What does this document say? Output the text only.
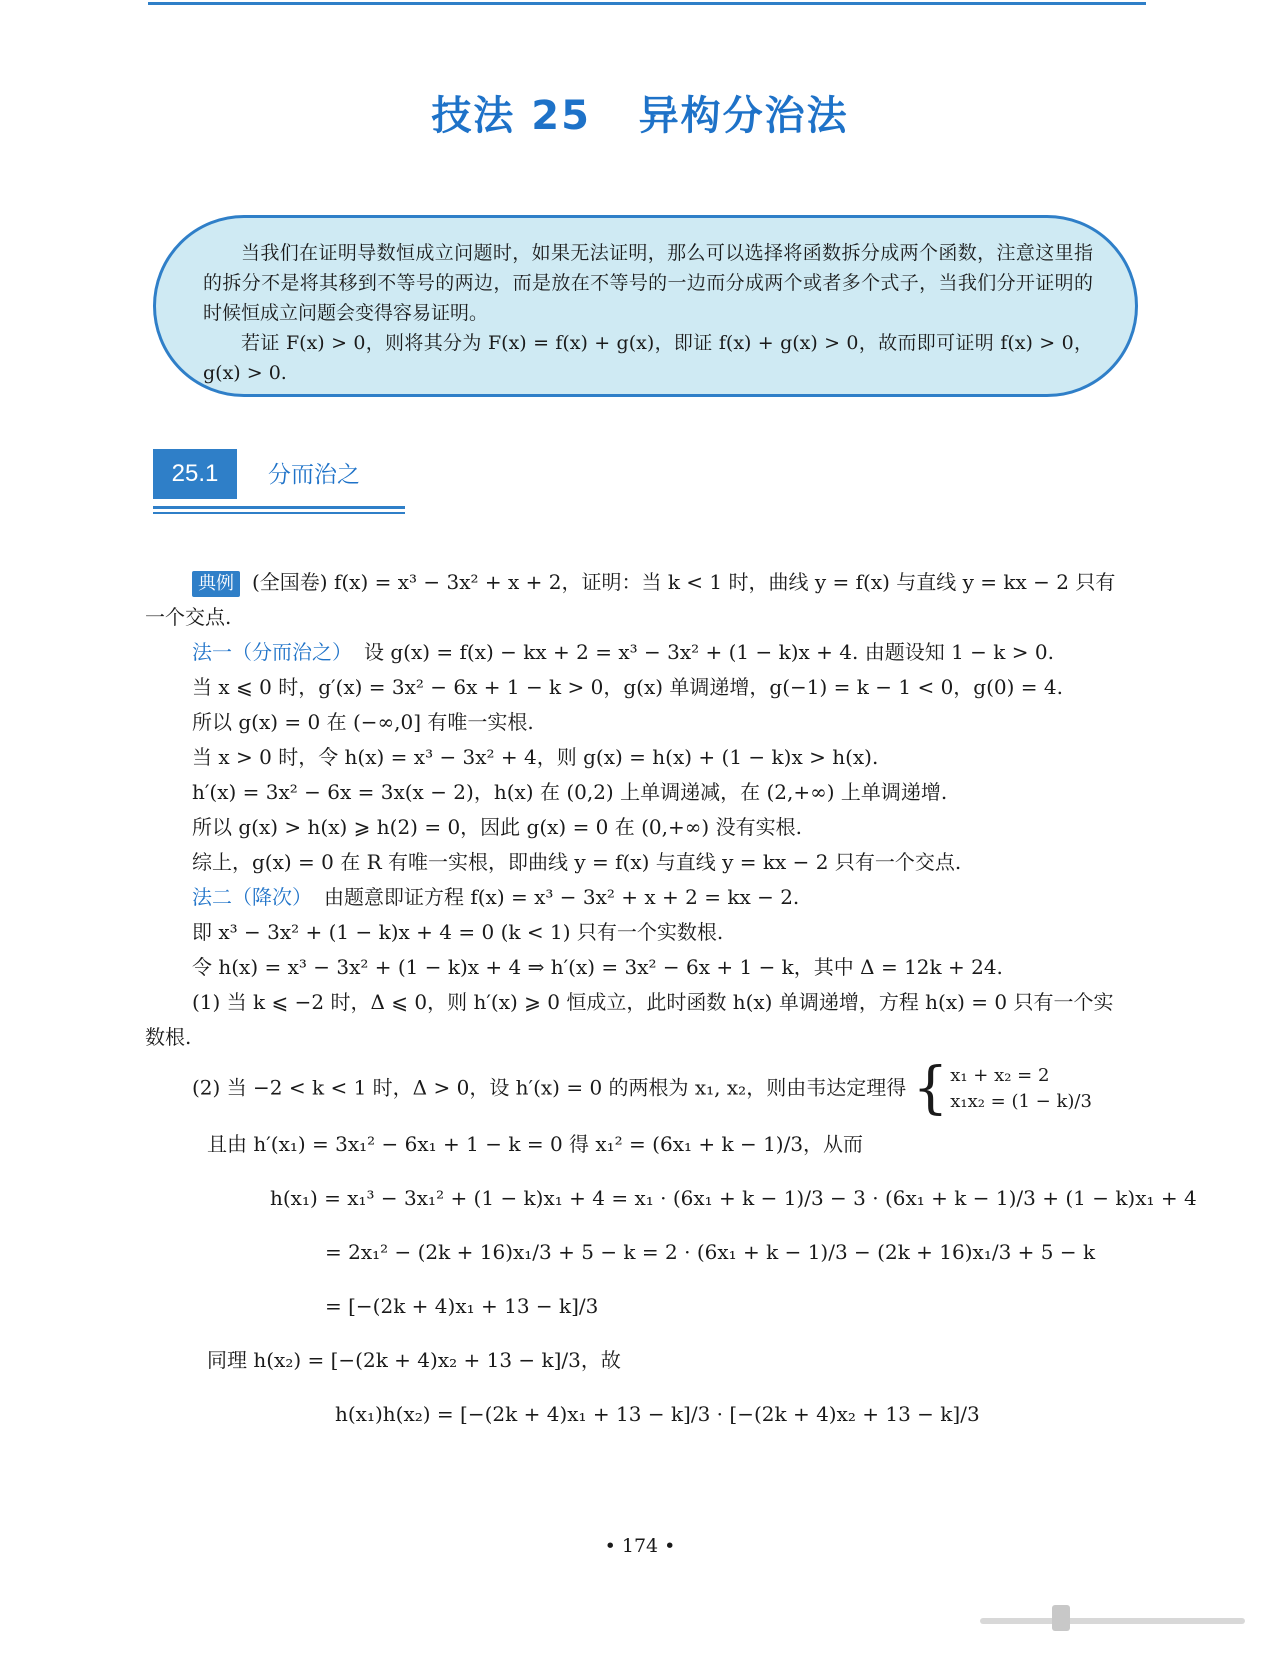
技法 25 异构分治法

当我们在证明导数恒成立问题时，如果无法证明，那么可以选择将函数拆分成两个函数，注意这里指的拆分不是将其移到不等号的两边，而是放在不等号的一边而分成两个或者多个式子，当我们分开证明的时候恒成立问题会变得容易证明。

若证 F(x) > 0，则将其分为 F(x) = f(x) + g(x)，即证 f(x) + g(x) > 0，故而即可证明 f(x) > 0，g(x) > 0.

25.1	分而治之
典例 (全国卷) f(x) = x³ − 3x² + x + 2，证明：当 k < 1 时，曲线 y = f(x) 与直线 y = kx − 2 只有
一个交点.
法一（分而治之） 设 g(x) = f(x) − kx + 2 = x³ − 3x² + (1 − k)x + 4. 由题设知 1 − k > 0.
当 x ⩽ 0 时，g′(x) = 3x² − 6x + 1 − k > 0，g(x) 单调递增，g(−1) = k − 1 < 0，g(0) = 4.
所以 g(x) = 0 在 (−∞,0] 有唯一实根.
当 x > 0 时，令 h(x) = x³ − 3x² + 4，则 g(x) = h(x) + (1 − k)x > h(x).
h′(x) = 3x² − 6x = 3x(x − 2)，h(x) 在 (0,2) 上单调递减，在 (2,+∞) 上单调递增.
所以 g(x) > h(x) ⩾ h(2) = 0，因此 g(x) = 0 在 (0,+∞) 没有实根.
综上，g(x) = 0 在 R 有唯一实根，即曲线 y = f(x) 与直线 y = kx − 2 只有一个交点.
法二（降次） 由题意即证方程 f(x) = x³ − 3x² + x + 2 = kx − 2.
即 x³ − 3x² + (1 − k)x + 4 = 0 (k < 1) 只有一个实数根.
令 h(x) = x³ − 3x² + (1 − k)x + 4 ⇒ h′(x) = 3x² − 6x + 1 − k，其中 Δ = 12k + 24.
(1) 当 k ⩽ −2 时，Δ ⩽ 0，则 h′(x) ⩾ 0 恒成立，此时函数 h(x) 单调递增，方程 h(x) = 0 只有一个实
数根.
(2) 当 −2 < k < 1 时，Δ > 0，设 h′(x) = 0 的两根为 x₁, x₂，则由韦达定理得 { x₁ + x₂ = 2
x₁x₂ = (1 − k)/3
且由 h′(x₁) = 3x₁² − 6x₁ + 1 − k = 0 得 x₁² = (6x₁ + k − 1)/3，从而
h(x₁) = x₁³ − 3x₁² + (1 − k)x₁ + 4 = x₁ · (6x₁ + k − 1)/3 − 3 · (6x₁ + k − 1)/3 + (1 − k)x₁ + 4
= 2x₁² − (2k + 16)x₁/3 + 5 − k = 2 · (6x₁ + k − 1)/3 − (2k + 16)x₁/3 + 5 − k
= [−(2k + 4)x₁ + 13 − k]/3
同理 h(x₂) = [−(2k + 4)x₂ + 13 − k]/3，故
h(x₁)h(x₂) = [−(2k + 4)x₁ + 13 − k]/3 · [−(2k + 4)x₂ + 13 − k]/3
• 174 •
